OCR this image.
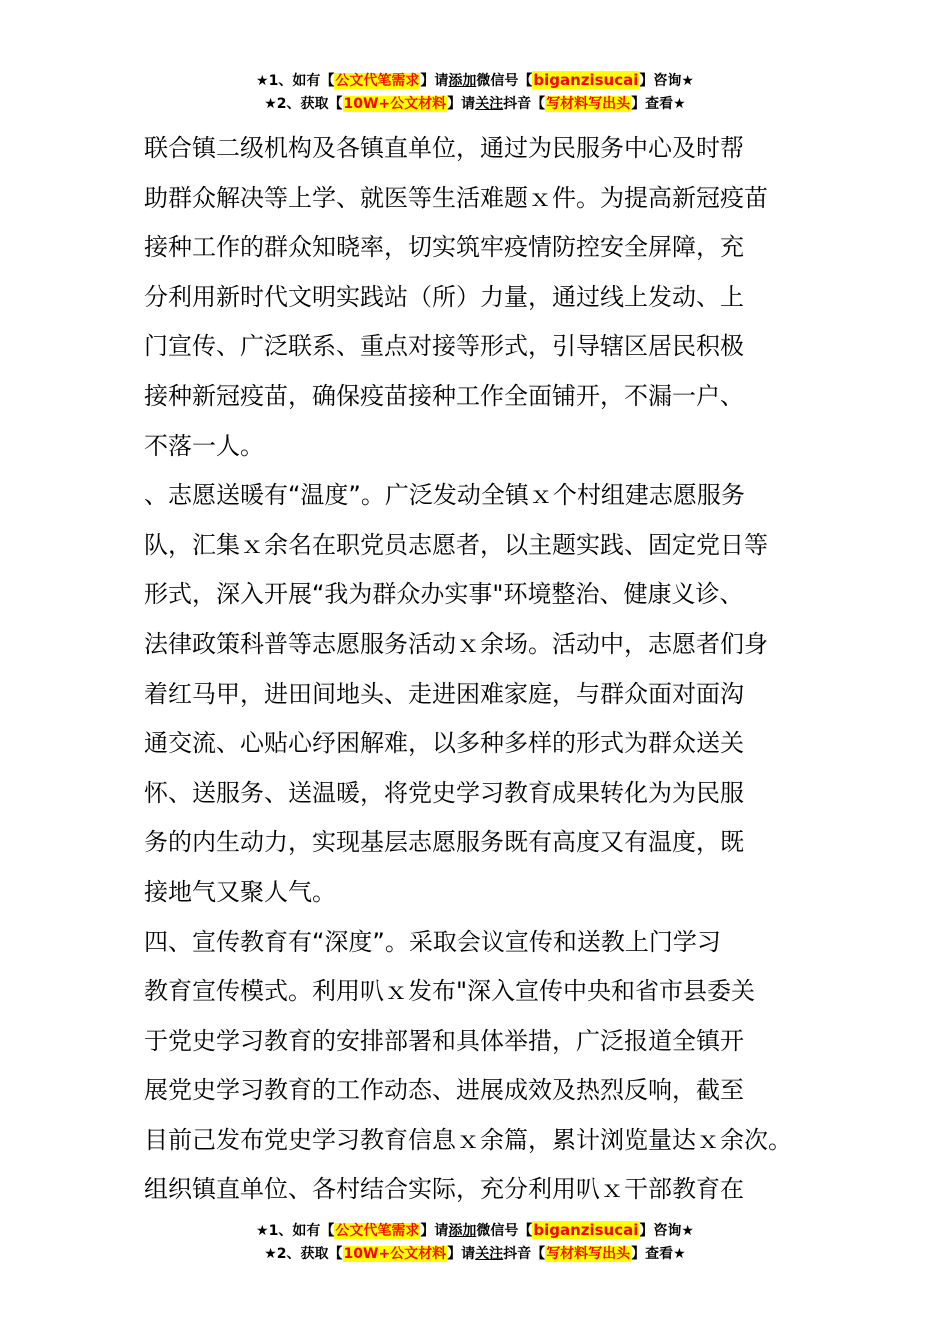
★1、如有【公文代笔需求】请添加微信号【biganzisucai】咨询★
★2、获取【10W+公文材料】请关注抖音【写材料写出头】查看★
联合镇二级机构及各镇直单位，通过为民服务中心及时帮
助群众解决等上学、就医等生活难题ｘ件。为提高新冠疫苗
接种工作的群众知晓率，切实筑牢疫情防控安全屏障，充
分利用新时代文明实践站（所）力量，通过线上发动、上
门宣传、广泛联系、重点对接等形式，引导辖区居民积极
接种新冠疫苗，确保疫苗接种工作全面铺开，不漏一户、
不落一人。
、志愿送暖有“温度”。广泛发动全镇ｘ个村组建志愿服务
队，汇集ｘ余名在职党员志愿者，以主题实践、固定党日等
形式，深入开展“我为群众办实事"环境整治、健康义诊、
法律政策科普等志愿服务活动ｘ余场。活动中，志愿者们身
着红马甲，进田间地头、走进困难家庭，与群众面对面沟
通交流、心贴心纾困解难，以多种多样的形式为群众送关
怀、送服务、送温暖，将党史学习教育成果转化为为民服
务的内生动力，实现基层志愿服务既有高度又有温度，既
接地气又聚人气。
四、宣传教育有“深度”。采取会议宣传和送教上门学习
教育宣传模式。利用叭ｘ发布"深入宣传中央和省市县委关
于党史学习教育的安排部署和具体举措，广泛报道全镇开
展党史学习教育的工作动态、进展成效及热烈反响，截至
目前己发布党史学习教育信息ｘ余篇，累计浏览量达ｘ余次。
组织镇直单位、各村结合实际，充分利用叭ｘ干部教育在
★1、如有【公文代笔需求】请添加微信号【biganzisucai】咨询★
★2、获取【10W+公文材料】请关注抖音【写材料写出头】查看★
